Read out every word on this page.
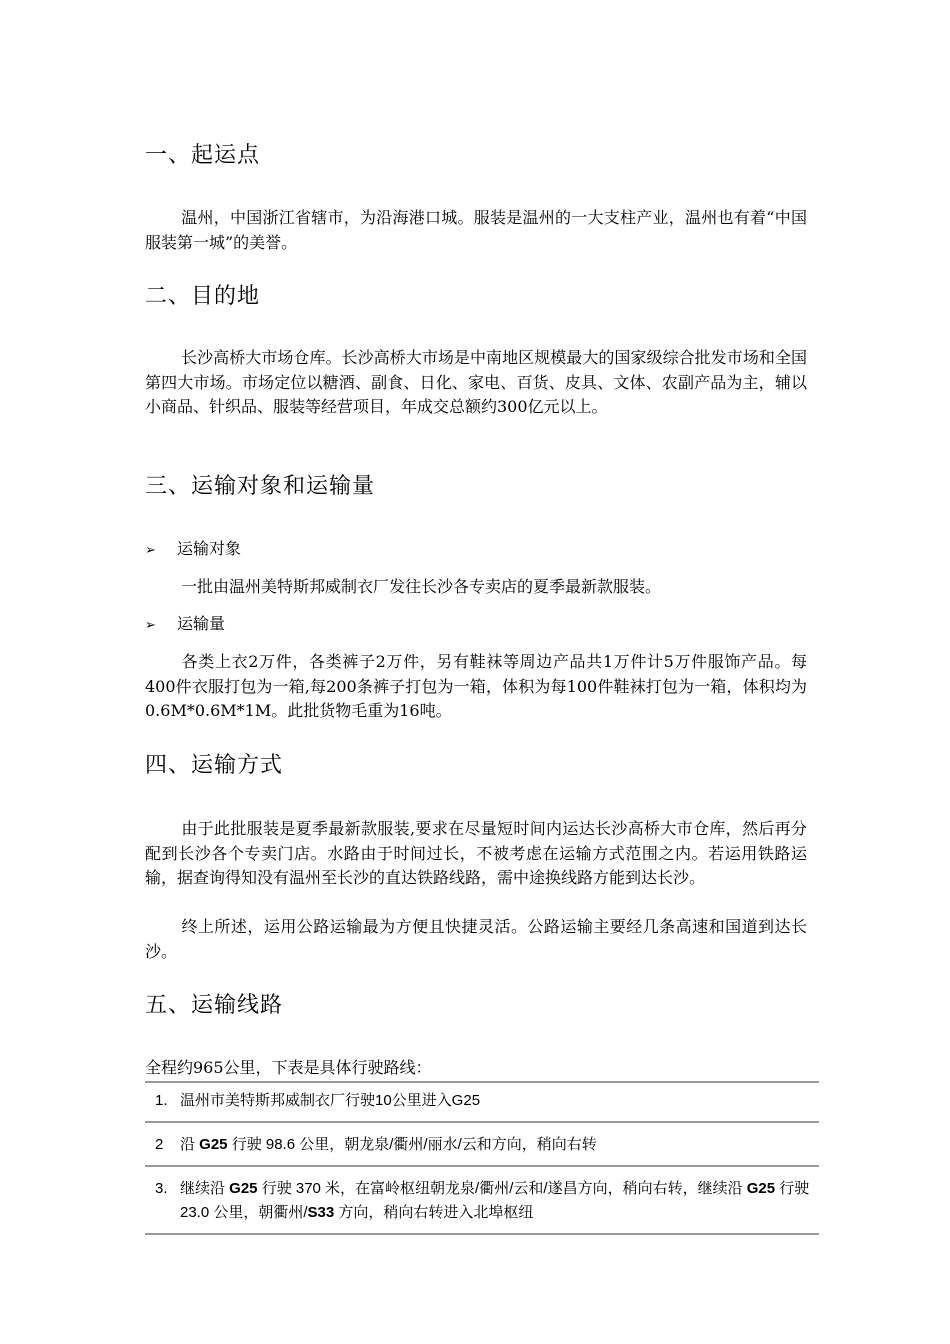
一、起运点

温州，中国浙江省辖市，为沿海港口城。服装是温州的一大支柱产业，温州也有着“中国服装第一城”的美誉。

二、目的地

长沙高桥大市场仓库。长沙高桥大市场是中南地区规模最大的国家级综合批发市场和全国第四大市场。市场定位以糖酒、副食、日化、家电、百货、皮具、文体、农副产品为主，辅以小商品、针织品、服装等经营项目，年成交总额约300亿元以上。

三、运输对象和运输量
➢ 运输对象

一批由温州美特斯邦威制衣厂发往长沙各专卖店的夏季最新款服装。

➢ 运输量

各类上衣2万件，各类裤子2万件，另有鞋袜等周边产品共1万件计5万件服饰产品。每400件衣服打包为一箱,每200条裤子打包为一箱，体积为每100件鞋袜打包为一箱，体积均为0.6M*0.6M*1M。此批货物毛重为16吨。

四、运输方式

由于此批服装是夏季最新款服装,要求在尽量短时间内运达长沙高桥大市仓库，然后再分配到长沙各个专卖门店。水路由于时间过长，不被考虑在运输方式范围之内。若运用铁路运输，据查询得知没有温州至长沙的直达铁路线路，需中途换线路方能到达长沙。

终上所述，运用公路运输最为方便且快捷灵活。公路运输主要经几条高速和国道到达长沙。

五、运输线路

全程约965公里，下表是具体行驶路线：

1. 温州市美特斯邦威制衣厂行驶10公里进入G25
2	沿 G25 行驶 98.6 公里，朝龙泉/衢州/丽水/云和方向，稍向右转
3. 继续沿 G25 行驶 370 米，在富岭枢纽朝龙泉/衢州/云和/遂昌方向，稍向右转，继续沿 G25 行驶 23.0 公里，朝衢州/S33 方向，稍向右转进入北埠枢纽
